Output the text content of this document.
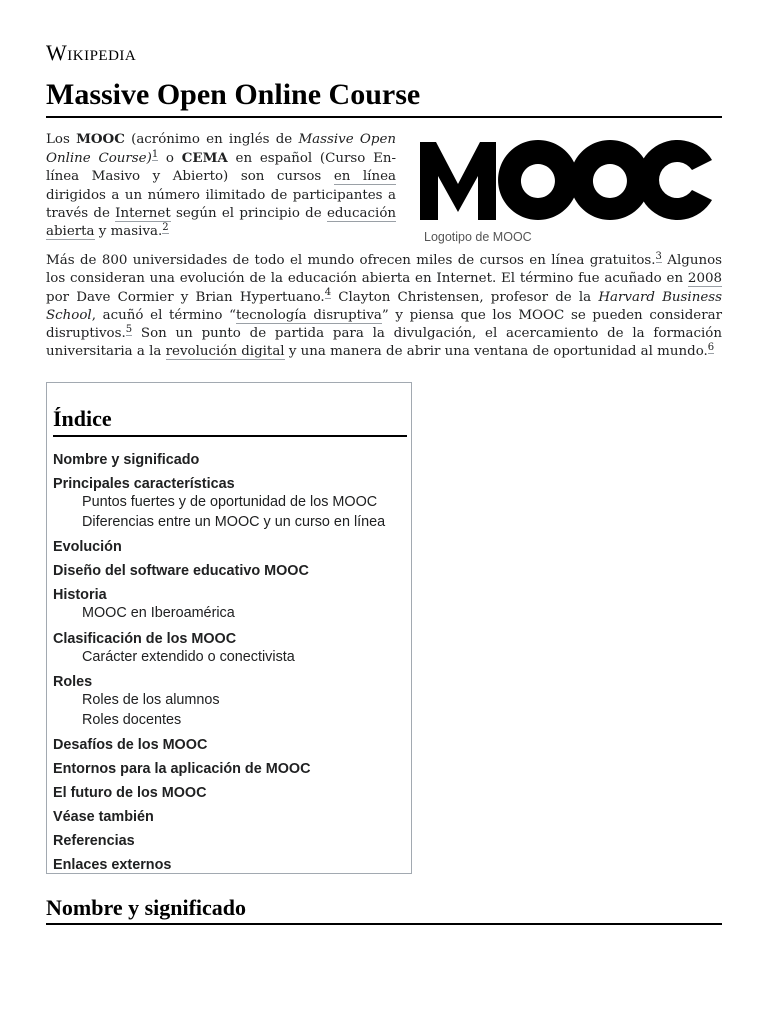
Wikipedia
Massive Open Online Course
Logotipo de MOOC

Los MOOC (acrónimo en inglés de Massive Open Online Course)$^1$ o CEMA en español (Curso En-línea Masivo y Abierto) son cursos en línea dirigidos a un número ilimitado de participantes a través de Internet según el principio de educación abierta y masiva.$^2$

Más de 800 universidades de todo el mundo ofrecen miles de cursos en línea gratuitos.$^3$ Algunos los consideran una evolución de la educación abierta en Internet. El término fue acuñado en 2008 por Dave Cormier y Brian Hypertuano.$^4$ Clayton Christensen, profesor de la Harvard Business School, acuñó el término “tecnología disruptiva” y piensa que los MOOC se pueden considerar disruptivos.$^5$ Son un punto de partida para la divulgación, el acercamiento de la formación universitaria a la revolución digital y una manera de abrir una ventana de oportunidad al mundo.$^6$

Índice
Nombre y significado
Principales características
Puntos fuertes y de oportunidad de los MOOC
Diferencias entre un MOOC y un curso en línea
Evolución
Diseño del software educativo MOOC
Historia
MOOC en Iberoamérica
Clasificación de los MOOC
Carácter extendido o conectivista
Roles
Roles de los alumnos
Roles docentes
Desafíos de los MOOC
Entornos para la aplicación de MOOC
El futuro de los MOOC
Véase también
Referencias
Enlaces externos
Nombre y significado
